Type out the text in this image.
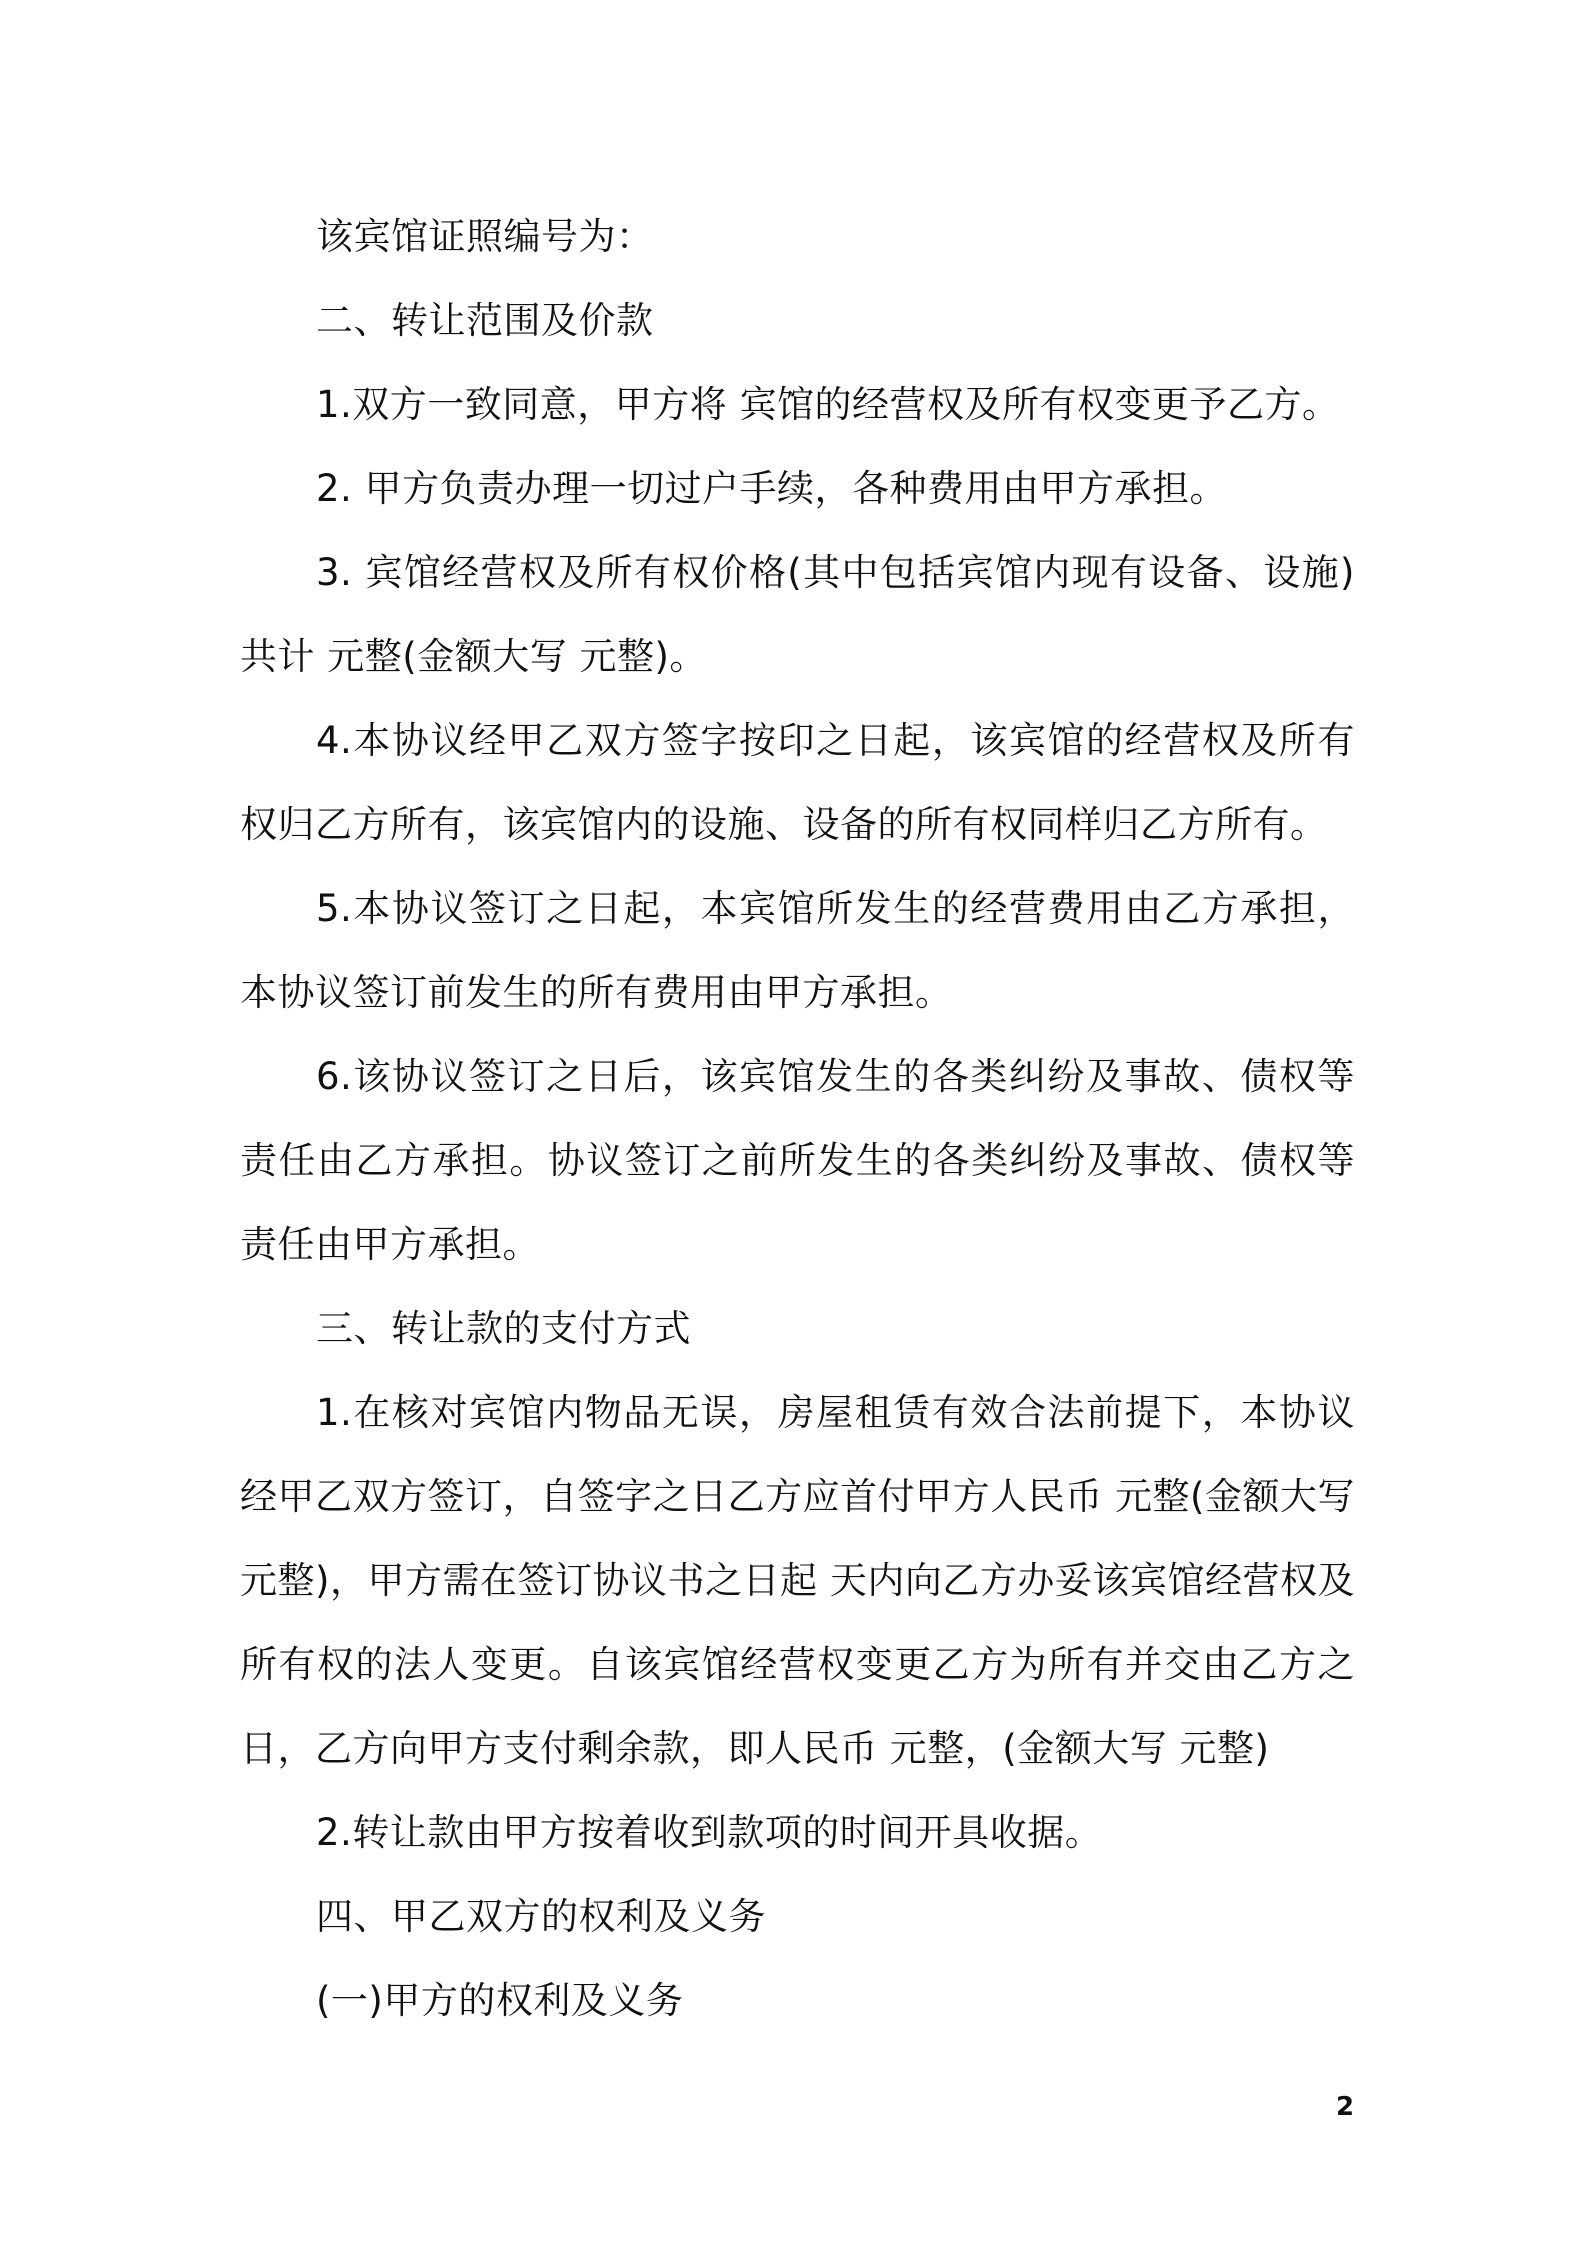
该宾馆证照编号为：

二、转让范围及价款

1.双方一致同意，甲方将 宾馆的经营权及所有权变更予乙方。

2. 甲方负责办理一切过户手续，各种费用由甲方承担。

3. 宾馆经营权及所有权价格(其中包括宾馆内现有设备、设施)共计 元整(金额大写 元整)。

4.本协议经甲乙双方签字按印之日起，该宾馆的经营权及所有权归乙方所有，该宾馆内的设施、设备的所有权同样归乙方所有。

5.本协议签订之日起，本宾馆所发生的经营费用由乙方承担，本协议签订前发生的所有费用由甲方承担。

6.该协议签订之日后，该宾馆发生的各类纠纷及事故、债权等责任由乙方承担。协议签订之前所发生的各类纠纷及事故、债权等责任由甲方承担。

三、转让款的支付方式

1.在核对宾馆内物品无误，房屋租赁有效合法前提下，本协议经甲乙双方签订，自签字之日乙方应首付甲方人民币 元整(金额大写 元整)，甲方需在签订协议书之日起 天内向乙方办妥该宾馆经营权及所有权的法人变更。自该宾馆经营权变更乙方为所有并交由乙方之日，乙方向甲方支付剩余款，即人民币 元整，(金额大写 元整)

2.转让款由甲方按着收到款项的时间开具收据。

四、甲乙双方的权利及义务

(一)甲方的权利及义务

2
